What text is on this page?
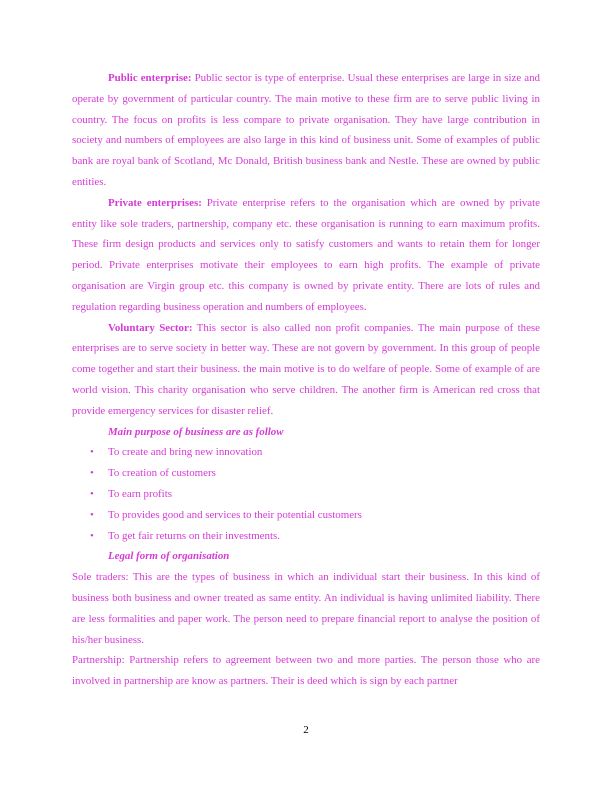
Public enterprise: Public sector is type of enterprise. Usual these enterprises are large in size and operate by government of particular country. The main motive to these firm are to serve public living in country. The focus on profits is less compare to private organisation. They have large contribution in society and numbers of employees are also large in this kind of business unit. Some of examples of public bank are royal bank of Scotland, Mc Donald, British business bank and Nestle. These are owned by public entities.

Private enterprises: Private enterprise refers to the organisation which are owned by private entity like sole traders, partnership, company etc. these organisation is running to earn maximum profits. These firm design products and services only to satisfy customers and wants to retain them for longer period. Private enterprises motivate their employees to earn high profits. The example of private organisation are Virgin group etc. this company is owned by private entity. There are lots of rules and regulation regarding business operation and numbers of employees.

Voluntary Sector: This sector is also called non profit companies. The main purpose of these enterprises are to serve society in better way. These are not govern by government. In this group of people come together and start their business. the main motive is to do welfare of people. Some of example of are world vision. This charity organisation who serve children. The another firm is American red cross that provide emergency services for disaster relief.

Main purpose of business are as follow

• To create and bring new innovation
• To creation of customers
• To earn profits
• To provides good and services to their potential customers
• To get fair returns on their investments.

Legal form of organisation

Sole traders: This are the types of business in which an individual start their business. In this kind of business both business and owner treated as same entity. An individual is having unlimited liability. There are less formalities and paper work. The person need to prepare financial report to analyse the position of his/her business.

Partnership: Partnership refers to agreement between two and more parties. The person those who are involved in partnership are know as partners. Their is deed which is sign by each partner

2
